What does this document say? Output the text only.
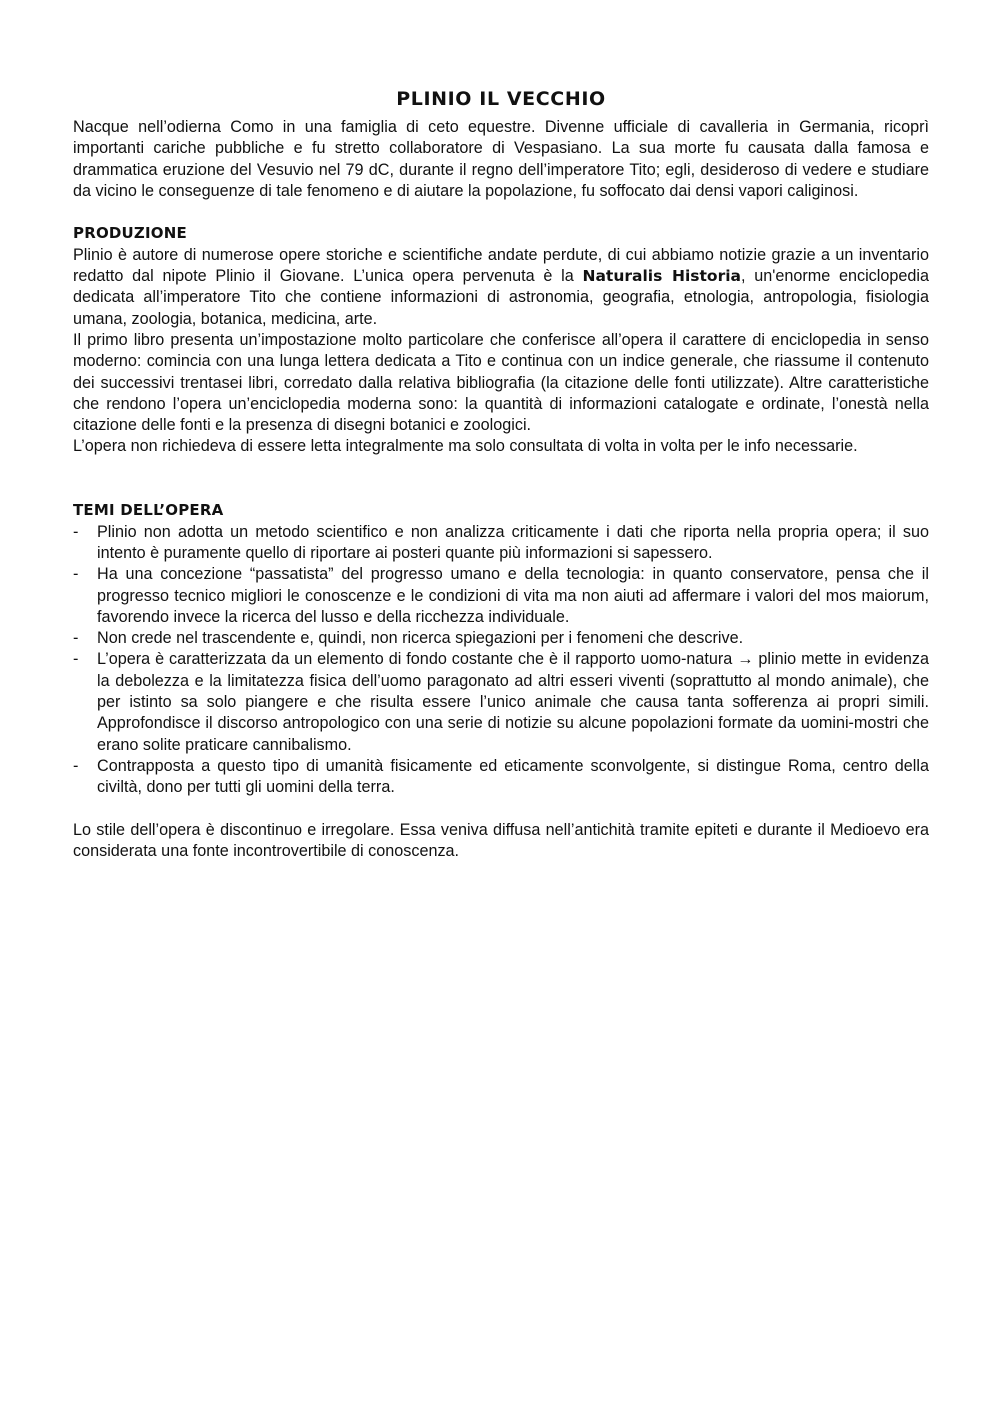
PLINIO IL VECCHIO

Nacque nell’odierna Como in una famiglia di ceto equestre. Divenne ufficiale di cavalleria in Germania, ricoprì importanti cariche pubbliche e fu stretto collaboratore di Vespasiano. La sua morte fu causata dalla famosa e drammatica eruzione del Vesuvio nel 79 dC, durante il regno dell’imperatore Tito; egli, desideroso di vedere e studiare da vicino le conseguenze di tale fenomeno e di aiutare la popolazione, fu soffocato dai densi vapori caliginosi.

PRODUZIONE

Plinio è autore di numerose opere storiche e scientifiche andate perdute, di cui abbiamo notizie grazie a un inventario redatto dal nipote Plinio il Giovane. L’unica opera pervenuta è la Naturalis Historia, un'enorme enciclopedia dedicata all’imperatore Tito che contiene informazioni di astronomia, geografia, etnologia, antropologia, fisiologia umana, zoologia, botanica, medicina, arte.

Il primo libro presenta un’impostazione molto particolare che conferisce all’opera il carattere di enciclopedia in senso moderno: comincia con una lunga lettera dedicata a Tito e continua con un indice generale, che riassume il contenuto dei successivi trentasei libri, corredato dalla relativa bibliografia (la citazione delle fonti utilizzate). Altre caratteristiche che rendono l’opera un’enciclopedia moderna sono: la quantità di informazioni catalogate e ordinate, l’onestà nella citazione delle fonti e la presenza di disegni botanici e zoologici.

L’opera non richiedeva di essere letta integralmente ma solo consultata di volta in volta per le info necessarie.

TEMI DELL’OPERA
- Plinio non adotta un metodo scientifico e non analizza criticamente i dati che riporta nella propria opera; il suo intento è puramente quello di riportare ai posteri quante più informazioni si sapessero.
- Ha una concezione “passatista” del progresso umano e della tecnologia: in quanto conservatore, pensa che il progresso tecnico migliori le conoscenze e le condizioni di vita ma non aiuti ad affermare i valori del mos maiorum, favorendo invece la ricerca del lusso e della ricchezza individuale.
- Non crede nel trascendente e, quindi, non ricerca spiegazioni per i fenomeni che descrive.
- L’opera è caratterizzata da un elemento di fondo costante che è il rapporto uomo-natura → plinio mette in evidenza la debolezza e la limitatezza fisica dell’uomo paragonato ad altri esseri viventi (soprattutto al mondo animale), che per istinto sa solo piangere e che risulta essere l’unico animale che causa tanta sofferenza ai propri simili. Approfondisce il discorso antropologico con una serie di notizie su alcune popolazioni formate da uomini-mostri che erano solite praticare cannibalismo.
- Contrapposta a questo tipo di umanità fisicamente ed eticamente sconvolgente, si distingue Roma, centro della civiltà, dono per tutti gli uomini della terra.

Lo stile dell’opera è discontinuo e irregolare. Essa veniva diffusa nell’antichità tramite epiteti e durante il Medioevo era considerata una fonte incontrovertibile di conoscenza.
